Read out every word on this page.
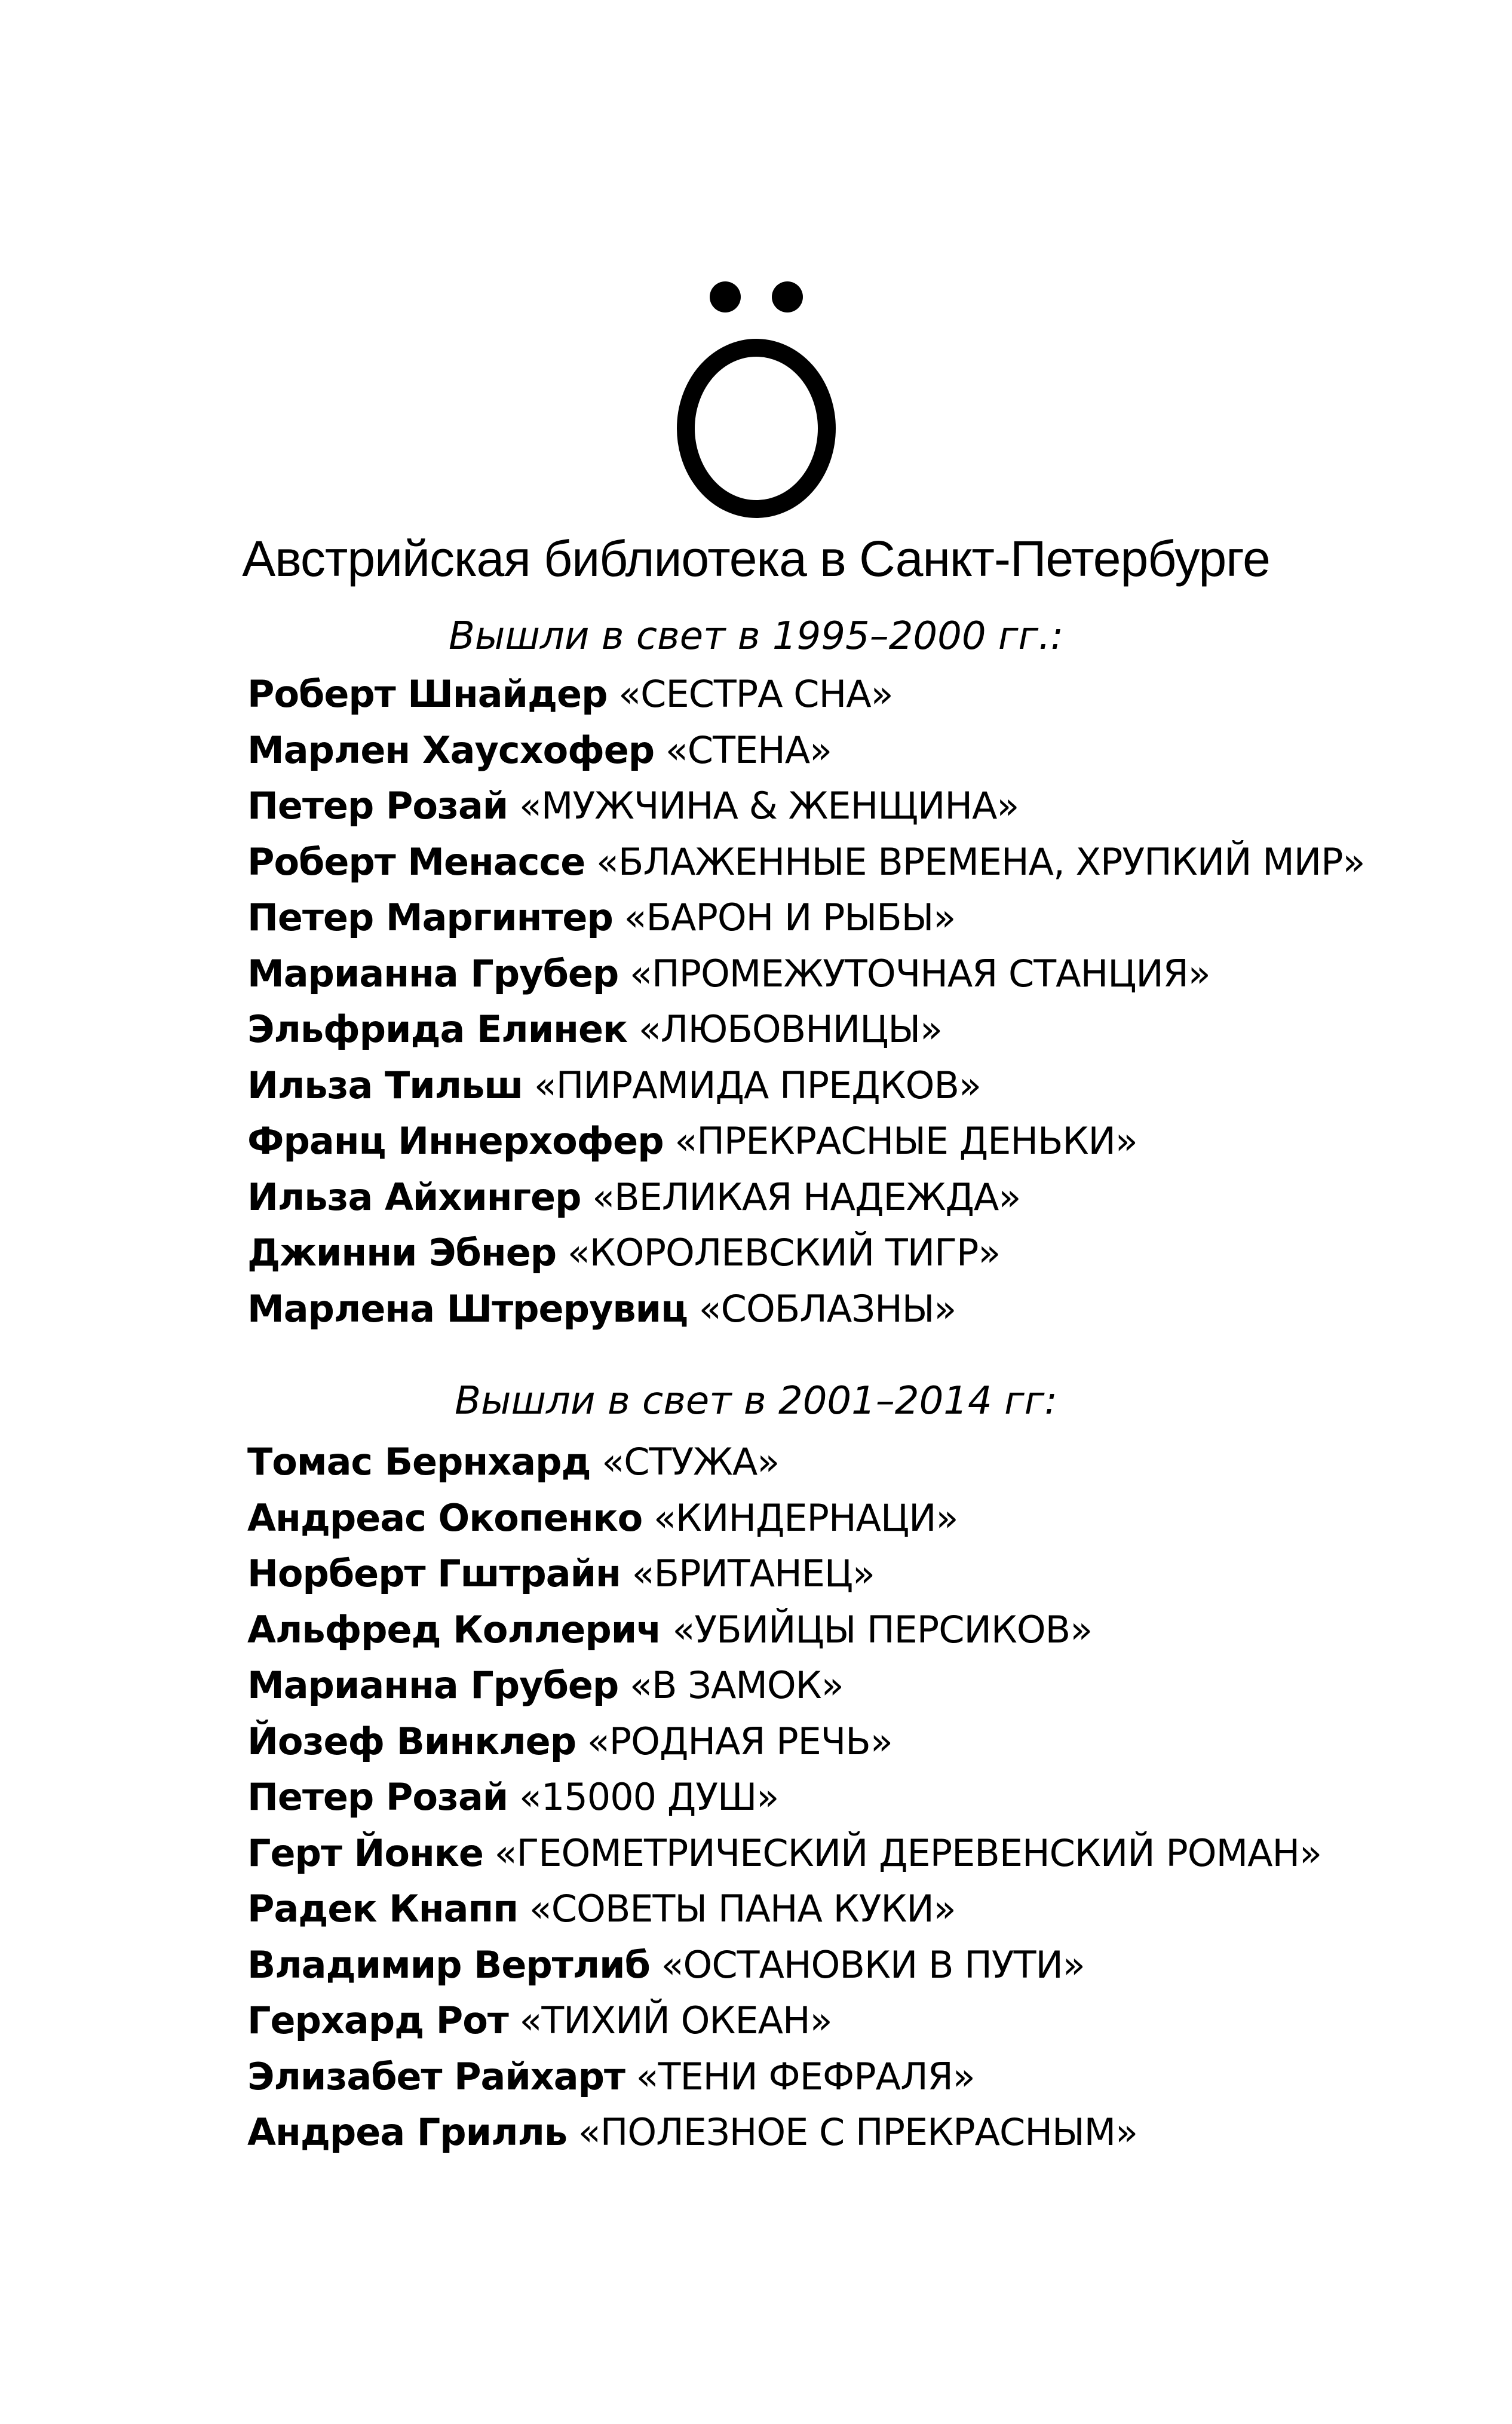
Австрийская библиотека в Санкт-Петербурге
Вышли в свет в 1995–2000 гг.:
Роберт Шнайдер «СЕСТРА СНА»
Марлен Хаусхофер «СТЕНА»
Петер Розай «МУЖЧИНА & ЖЕНЩИНА»
Роберт Менассе «БЛАЖЕННЫЕ ВРЕМЕНА, ХРУПКИЙ МИР»
Петер Маргинтер «БАРОН И РЫБЫ»
Марианна Грубер «ПРОМЕЖУТОЧНАЯ СТАНЦИЯ»
Эльфрида Елинек «ЛЮБОВНИЦЫ»
Ильза Тильш «ПИРАМИДА ПРЕДКОВ»
Франц Иннерхофер «ПРЕКРАСНЫЕ ДЕНЬКИ»
Ильза Айхингер «ВЕЛИКАЯ НАДЕЖДА»
Джинни Эбнер «КОРОЛЕВСКИЙ ТИГР»
Марлена Штрерувиц «СОБЛАЗНЫ»
Вышли в свет в 2001–2014 гг:
Томас Бернхард «СТУЖА»
Андреас Окопенко «КИНДЕРНАЦИ»
Норберт Гштрайн «БРИТАНЕЦ»
Альфред Коллерич «УБИЙЦЫ ПЕРСИКОВ»
Марианна Грубер «В ЗАМОК»
Йозеф Винклер «РОДНАЯ РЕЧЬ»
Петер Розай «15000 ДУШ»
Герт Йонке «ГЕОМЕТРИЧЕСКИЙ ДЕРЕВЕНСКИЙ РОМАН»
Радек Кнапп «СОВЕТЫ ПАНА КУКИ»
Владимир Вертлиб «ОСТАНОВКИ В ПУТИ»
Герхард Рот «ТИХИЙ ОКЕАН»
Элизабет Райхарт «ТЕНИ ФЕФРАЛЯ»
Андреа Грилль «ПОЛЕЗНОЕ С ПРЕКРАСНЫМ»
